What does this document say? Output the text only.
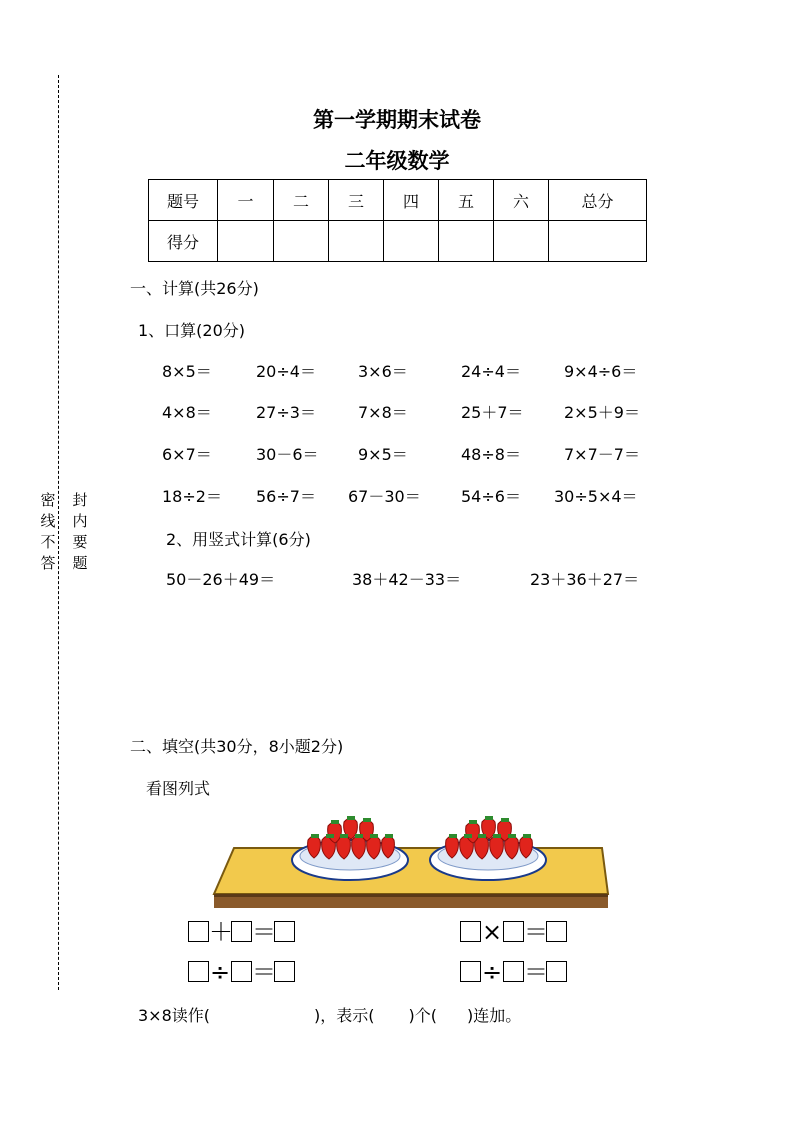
密
线
不
答
封
内
要
题
第一学期期末试卷
二年级数学
题号	一	二	三	四	五	六	总分
得分							
一、计算(共26分)
1、口算(20分)
8×5＝	20÷4＝	3×6＝	24÷4＝	9×4÷6＝
4×8＝	27÷3＝	7×8＝	25＋7＝	2×5＋9＝
6×7＝	30－6＝ 9×5＝	48÷8＝	7×7－7＝
18÷2＝ 56÷7＝ 67－30＝	54÷6＝ 30÷5×4＝
2、用竖式计算(6分)
50－26＋49＝	38＋42－33＝	23＋36＋27＝
二、填空(共30分，8小题2分)
看图列式
＋ ＝	× ＝
÷ ＝	÷ ＝
3×8读作(	)，表示( )个( )连加。
